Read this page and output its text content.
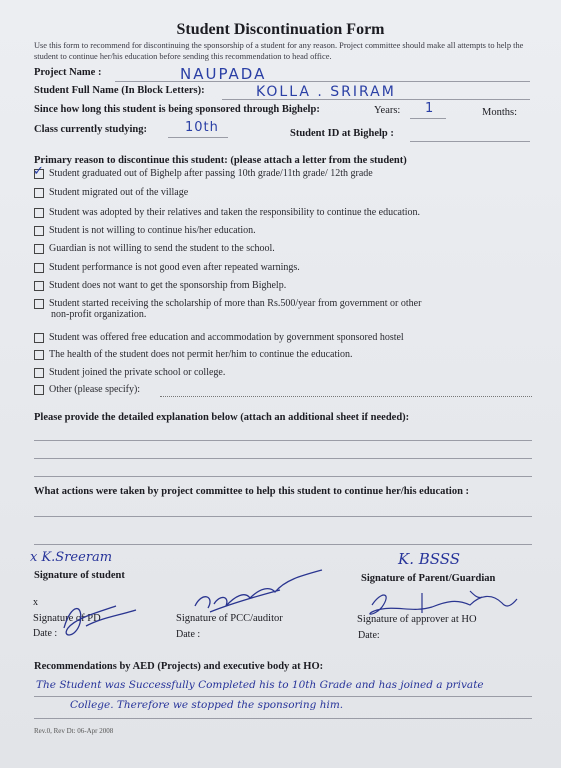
Student Discontinuation Form
Use this form to recommend for discontinuing the sponsorship of a student for any reason. Project committee should make all attempts to help the student to continue her/his education before sending this recommendation to head office.
Project Name :	NAUPADA
Student Full Name (In Block Letters):	KOLLA . SRIRAM
Since how long this student is being sponsored through Bighelp:	Years: 1	Months:
Class currently studying:	10th	Student ID at Bighelp :
Primary reason to discontinue this student: (please attach a letter from the student)
✓ Student graduated out of Bighelp after passing 10th grade/11th grade/ 12th grade
Student migrated out of the village
Student was adopted by their relatives and taken the responsibility to continue the education.
Student is not willing to continue his/her education.
Guardian is not willing to send the student to the school.
Student performance is not good even after repeated warnings.
Student does not want to get the sponsorship from Bighelp.
Student started receiving the scholarship of more than Rs.500/year from government or other
non-profit organization.
Student was offered free education and accommodation by government sponsored hostel
The health of the student does not permit her/him to continue the education.
Student joined the private school or college.
Other (please specify):
Please provide the detailed explanation below (attach an additional sheet if needed):
What actions were taken by project committee to help this student to continue her/his education :
x K.Sreeram
Signature of student
K. BSSS
Signature of Parent/Guardian
x
Signature of PD
Date :
Signature of PCC/auditor
Date :
Signature of approver at HO
Date:
Recommendations by AED (Projects) and executive body at HO:
The Student was Successfully Completed his to 10th Grade and has joined a private
College. Therefore we stopped the sponsoring him.
Rev.0, Rev Dt: 06-Apr 2008
